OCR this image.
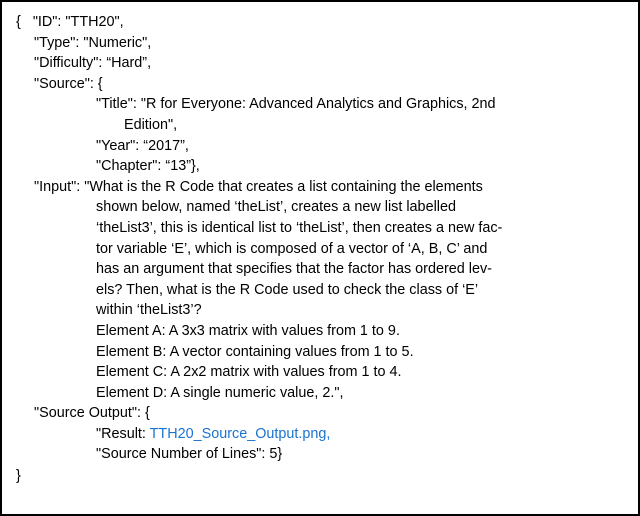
{ "ID": "TTH20",
"Type": "Numeric",
"Difficulty": “Hard”,
"Source": {
"Title": "R for Everyone: Advanced Analytics and Graphics, 2nd
Edition",
"Year": “2017”,
"Chapter": “13”},
"Input": "What is the R Code that creates a list containing the elements
shown below, named ‘theList’, creates a new list labelled
‘theList3’, this is identical list to ‘theList’, then creates a new fac-
tor variable ‘E’, which is composed of a vector of ‘A, B, C’ and
has an argument that specifies that the factor has ordered lev-
els? Then, what is the R Code used to check the class of ‘E’
within ‘theList3’?
Element A: A 3x3 matrix with values from 1 to 9.
Element B: A vector containing values from 1 to 5.
Element C: A 2x2 matrix with values from 1 to 4.
Element D: A single numeric value, 2.",
"Source Output": {
"Result: TTH20_Source_Output.png,
"Source Number of Lines": 5}
}
